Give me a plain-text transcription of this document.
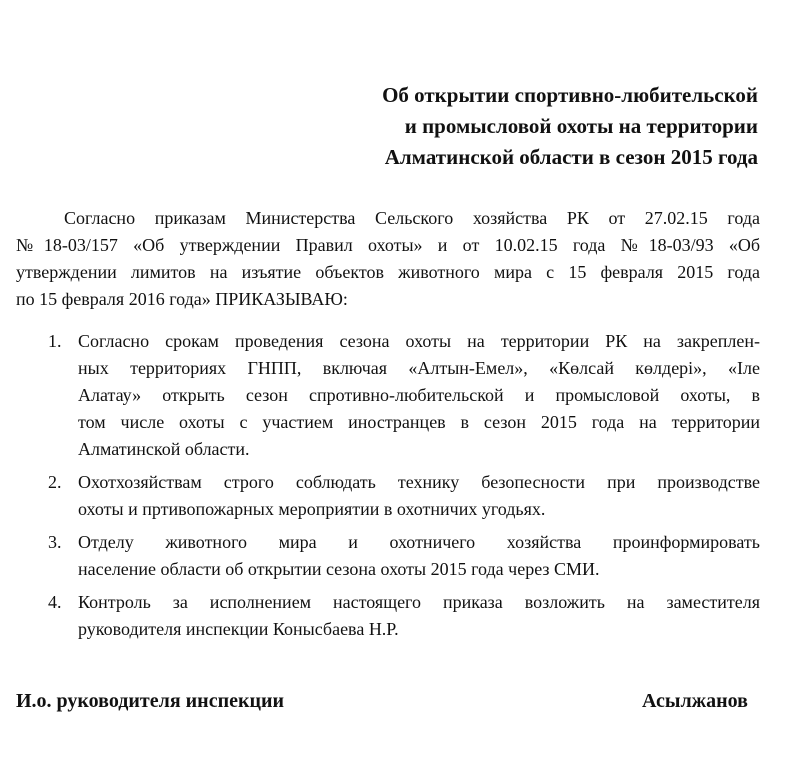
Об открытии спортивно-любительской
и промысловой охоты на территории
Алматинской области в сезон 2015 года
Согласно приказам Министерства Сельского хозяйства РК от 27.02.15 года
№18-03/157 «Об утверждении Правил охоты» и от 10.02.15 года №18-03/93 «Об
утверждении лимитов на изъятие объектов животного мира с 15 февраля 2015 года
по 15 февраля 2016 года» ПРИКАЗЫВАЮ:
1. Согласно срокам проведения сезона охоты на территории РК на закреплен-
ных территориях ГНПП, включая «Алтын-Емел», «Көлсай көлдері», «Іле
Алатау» открыть сезон спротивно-любительской и промысловой охоты, в
том числе охоты с участием иностранцев в сезон 2015 года на территории
Алматинской области.
2. Охотхозяйствам строго соблюдать технику безопесности при производстве
охоты и пртивопожарных мероприятии в охотничих угодьях.
3. Отделу животного мира и охотничего хозяйства проинформировать
население области об открытии сезона охоты 2015 года через СМИ.
4. Контроль за исполнением настоящего приказа возложить на заместителя
руководителя инспекции Конысбаева Н.Р.
И.о. руководителя инспекции	Асылжанов
